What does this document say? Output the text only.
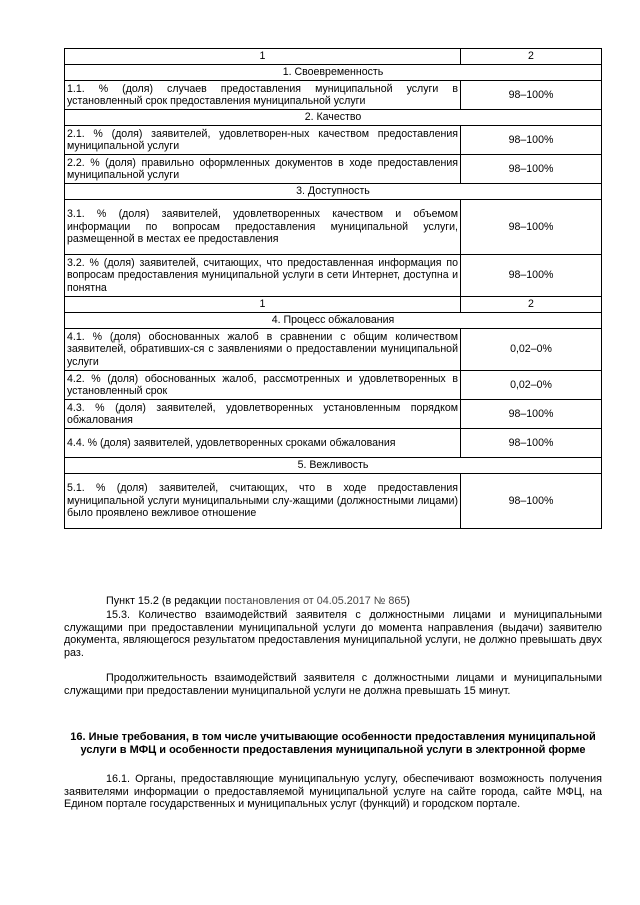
1	2
1. Своевременность	
1.1. % (доля) случаев предоставления муниципальной услуги в установленный срок предоставления муниципальной услуги	98–100%
2. Качество	
2.1. % (доля) заявителей, удовлетворен-ных качеством предоставления муниципальной услуги	98–100%
2.2. % (доля) правильно оформленных документов в ходе предоставления муниципальной услуги	98–100%
3. Доступность	
3.1. % (доля) заявителей, удовлетворенных качеством и объемом информации по вопросам предоставления муниципальной услуги, размещенной в местах ее предоставления	98–100%
3.2. % (доля) заявителей, считающих, что предоставленная информация по вопросам предоставления муниципальной услуги в сети Интернет, доступна и понятна	98–100%
1	2
4. Процесс обжалования	
4.1. % (доля) обоснованных жалоб в сравнении с общим количеством заявителей, обративших-ся с заявлениями о предоставлении муниципальной услуги	0,02–0%
4.2. % (доля) обоснованных жалоб, рассмотренных и удовлетворенных в установленный срок	0,02–0%
4.3. % (доля) заявителей, удовлетворенных установленным порядком обжалования	98–100%
4.4. % (доля) заявителей, удовлетворенных сроками обжалования	98–100%
5. Вежливость	
5.1. % (доля) заявителей, считающих, что в ходе предоставления муниципальной услуги муниципальными слу-жащими (должностными лицами) было проявлено вежливое отношение	98–100%
Пункт 15.2 (в редакции постановления от 04.05.2017 № 865)
15.3. Количество взаимодействий заявителя с должностными лицами и муниципальными служащими при предоставлении муниципальной услуги до момента направления (выдачи) заявителю документа, являющегося результатом предоставления муниципальной услуги, не должно превышать двух раз.
Продолжительность взаимодействий заявителя с должностными лицами и муниципальными служащими при предоставлении муниципальной услуги не должна превышать 15 минут.
16. Иные требования, в том числе учитывающие особенности предоставления муниципальной услуги в МФЦ и особенности предоставления муниципальной услуги в электронной форме
16.1. Органы, предоставляющие муниципальную услугу, обеспечивают возможность получения заявителями информации о предоставляемой муниципальной услуге на сайте города, сайте МФЦ, на Едином портале государственных и муниципальных услуг (функций) и городском портале.
